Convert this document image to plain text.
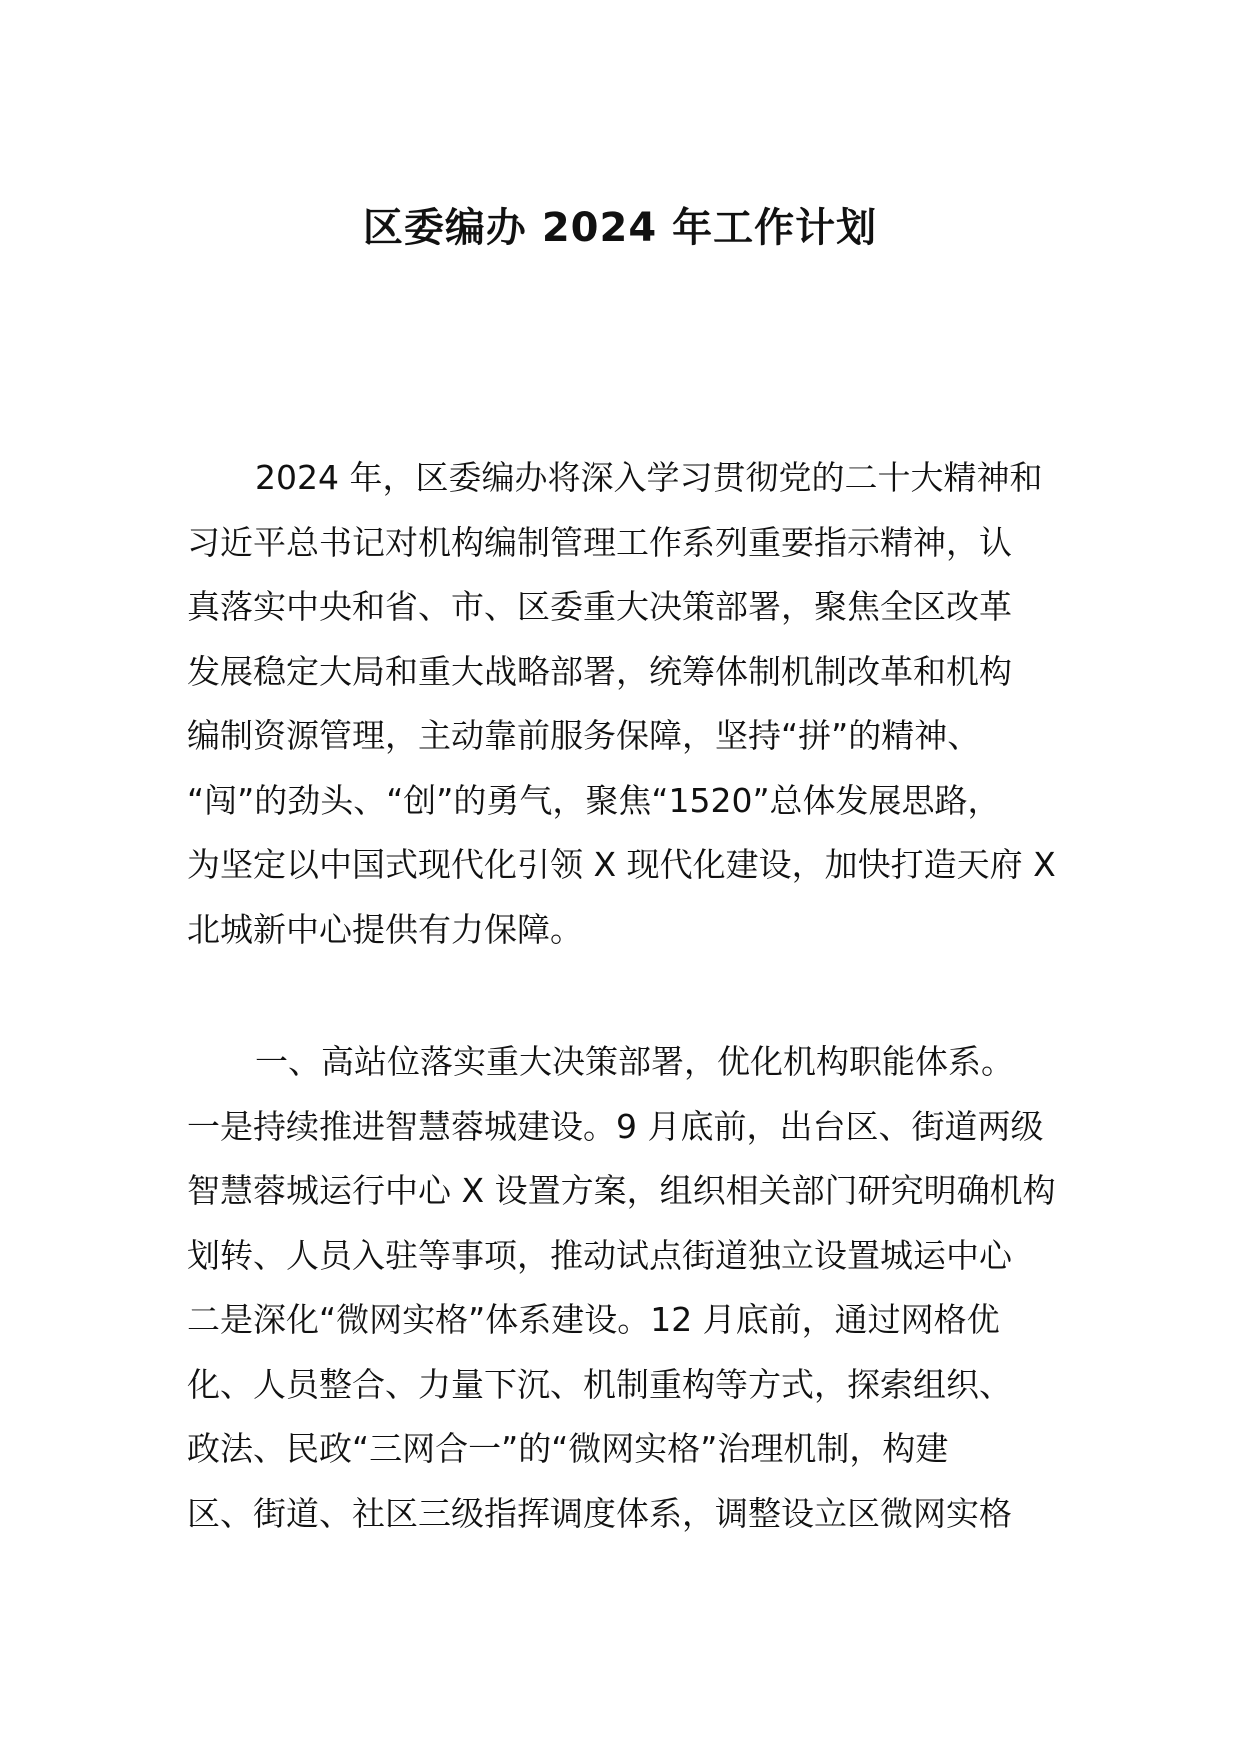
区委编办 2024 年工作计划
2024 年，区委编办将深入学习贯彻党的二十大精神和
习近平总书记对机构编制管理工作系列重要指示精神，认
真落实中央和省、市、区委重大决策部署，聚焦全区改革
发展稳定大局和重大战略部署，统筹体制机制改革和机构
编制资源管理，主动靠前服务保障，坚持“拼”的精神、
“闯”的劲头、“创”的勇气，聚焦“1520”总体发展思路，
为坚定以中国式现代化引领 X 现代化建设，加快打造天府 X
北城新中心提供有力保障。
一、高站位落实重大决策部署，优化机构职能体系。
一是持续推进智慧蓉城建设。9 月底前，出台区、街道两级
智慧蓉城运行中心 X 设置方案，组织相关部门研究明确机构
划转、人员入驻等事项，推动试点街道独立设置城运中心
二是深化“微网实格”体系建设。12 月底前，通过网格优
化、人员整合、力量下沉、机制重构等方式，探索组织、
政法、民政“三网合一”的“微网实格”治理机制，构建
区、街道、社区三级指挥调度体系，调整设立区微网实格
